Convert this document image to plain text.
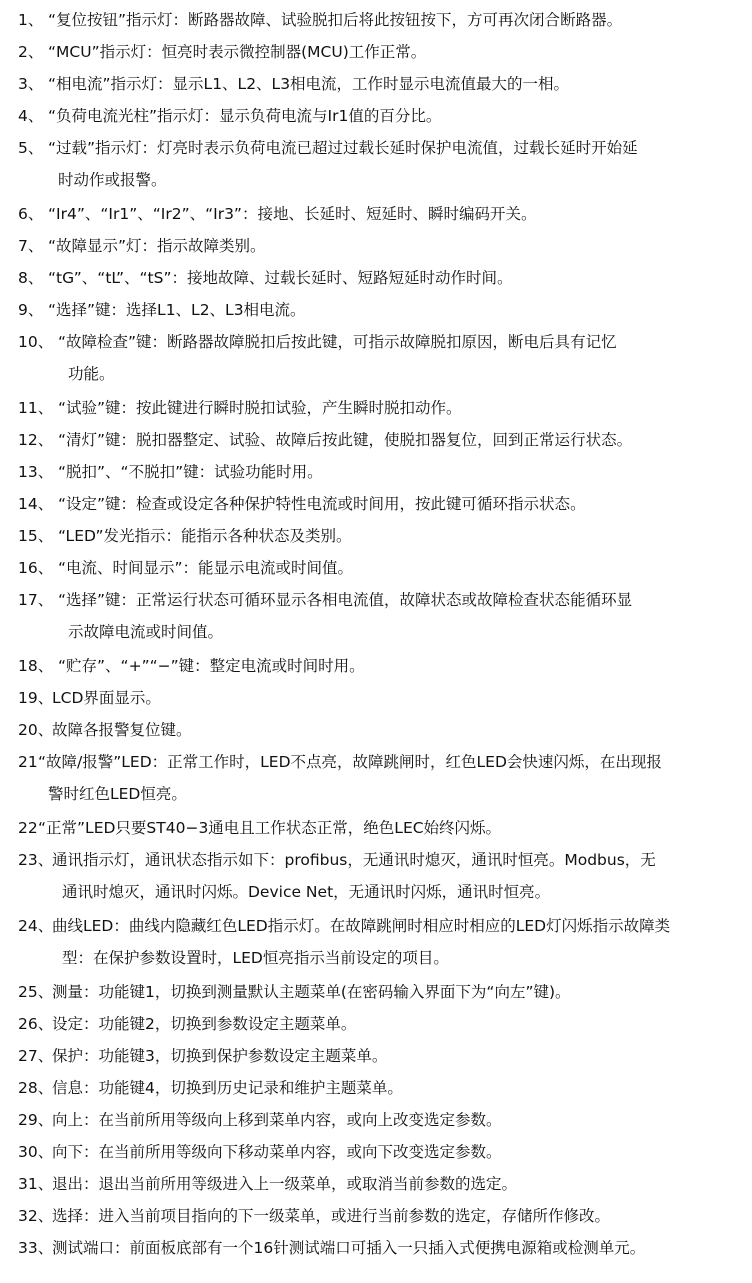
1、 “复位按钮”指示灯：断路器故障、试验脱扣后将此按钮按下，方可再次闭合断路器。
2、 “MCU”指示灯：恒亮时表示微控制器(MCU)工作正常。
3、 “相电流”指示灯：显示L1、L2、L3相电流，工作时显示电流值最大的一相。
4、 “负荷电流光柱”指示灯：显示负荷电流与Ir1值的百分比。
5、 “过载”指示灯：灯亮时表示负荷电流已超过过载长延时保护电流值，过载长延时开始延
时动作或报警。
6、 “Ir4”、“Ir1”、“Ir2”、“Ir3”：接地、长延时、短延时、瞬时编码开关。
7、 “故障显示”灯：指示故障类别。
8、 “tG”、“tL”、“tS”：接地故障、过载长延时、短路短延时动作时间。
9、 “选择”键：选择L1、L2、L3相电流。
10、 “故障检查”键：断路器故障脱扣后按此键，可指示故障脱扣原因，断电后具有记忆
功能。
11、 “试验”键：按此键进行瞬时脱扣试验，产生瞬时脱扣动作。
12、 “清灯”键：脱扣器整定、试验、故障后按此键，使脱扣器复位，回到正常运行状态。
13、 “脱扣”、“不脱扣”键：试验功能时用。
14、 “设定”键：检查或设定各种保护特性电流或时间用，按此键可循环指示状态。
15、 “LED”发光指示：能指示各种状态及类别。
16、 “电流、时间显示”：能显示电流或时间值。
17、 “选择”键：正常运行状态可循环显示各相电流值，故障状态或故障检查状态能循环显
示故障电流或时间值。
18、 “贮存”、“+”“−”键：整定电流或时间时用。
19、
LCD界面显示。
20、
故障各报警复位键。
21 “故障/报警”LED：正常工作时，LED不点亮，故障跳闸时，红色LED会快速闪烁，在出现报
警时红色LED恒亮。
22 “正常”LED只要ST40−3通电且工作状态正常，绝色LEC始终闪烁。
23、
通讯指示灯，通讯状态指示如下：profibus，无通讯时熄灭，通讯时恒亮。Modbus，无
通讯时熄灭，通讯时闪烁。Device Net，无通讯时闪烁，通讯时恒亮。
24、
曲线LED：曲线内隐藏红色LED指示灯。在故障跳闸时相应时相应的LED灯闪烁指示故障类
型：在保护参数设置时，LED恒亮指示当前设定的项目。
25、
测量：功能键1，切换到测量默认主题菜单(在密码输入界面下为“向左”键)。
26、
设定：功能键2，切换到参数设定主题菜单。
27、
保护：功能键3，切换到保护参数设定主题菜单。
28、
信息：功能键4，切换到历史记录和维护主题菜单。
29、
向上：在当前所用等级向上移到菜单内容，或向上改变选定参数。
30、
向下：在当前所用等级向下移动菜单内容，或向下改变选定参数。
31、
退出：退出当前所用等级进入上一级菜单，或取消当前参数的选定。
32、
选择：进入当前项目指向的下一级菜单，或进行当前参数的选定，存储所作修改。
33、
测试端口：前面板底部有一个16针测试端口可插入一只插入式便携电源箱或检测单元。
